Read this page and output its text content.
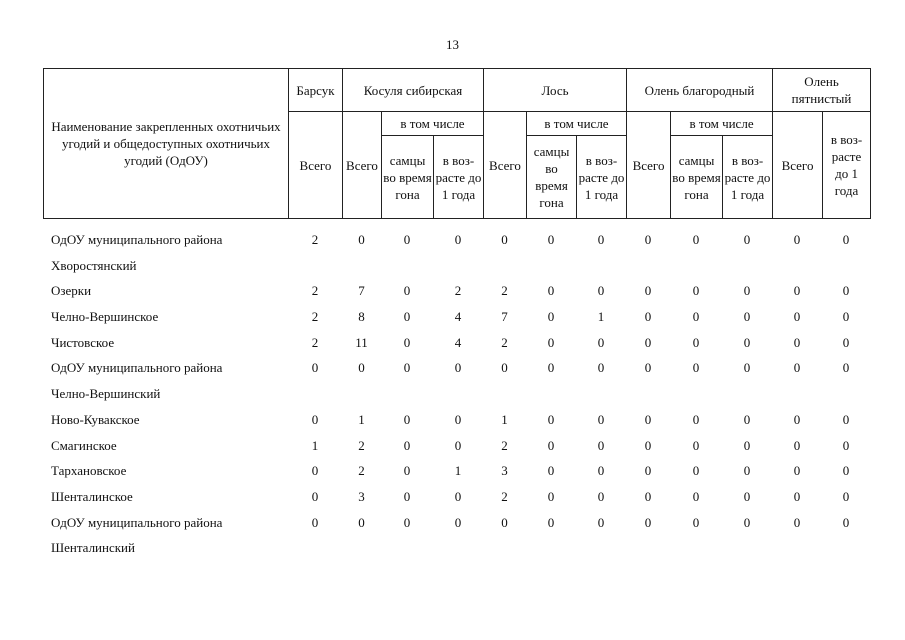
13
Наименование закрепленных охотничьих угодий и общедоступных охотничьих угодий (ОдОУ)	Барсук	Косуля сибирская			Лось			Олень благородный			Олень пятнистый	
	Всего	Всего	в том числе		Всего	в том числе		Всего	в том числе		Всего	в воз-расте до 1 года
			самцы во время гона	в воз-расте до 1 года		самцы во время гона	в воз-расте до 1 года		самцы во время гона	в воз-расте до 1 года		
ОдОУ муниципального района	2	0	0	0	0	0	0	0	0	0	0	0
Хворостянский												
Озерки	2	7	0	2	2	0	0	0	0	0	0	0
Челно-Вершинское	2	8	0	4	7	0	1	0	0	0	0	0
Чистовское	2	11	0	4	2	0	0	0	0	0	0	0
ОдОУ муниципального района	0	0	0	0	0	0	0	0	0	0	0	0
Челно-Вершинский												
Ново-Кувакское	0	1	0	0	1	0	0	0	0	0	0	0
Смагинское	1	2	0	0	2	0	0	0	0	0	0	0
Тархановское	0	2	0	1	3	0	0	0	0	0	0	0
Шенталинское	0	3	0	0	2	0	0	0	0	0	0	0
ОдОУ муниципального района	0	0	0	0	0	0	0	0	0	0	0	0
Шенталинский												
